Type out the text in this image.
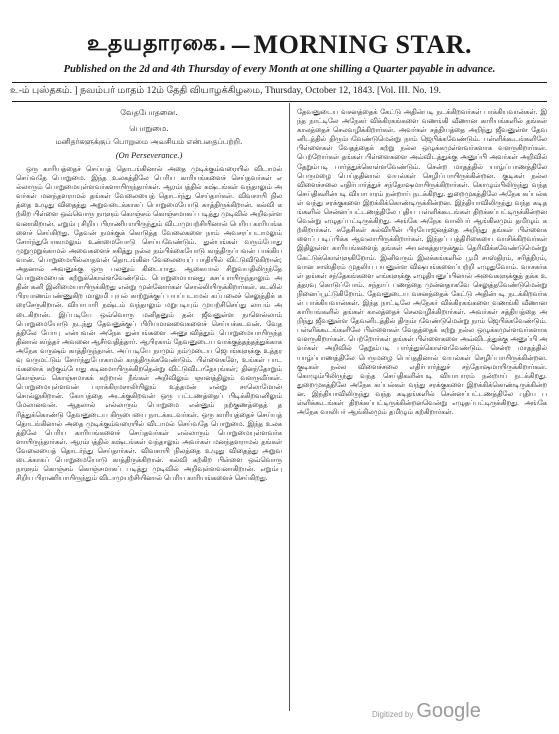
உதயதாரகை. — MORNING STAR.
Published on the 2d and 4th Thursday of every Month at one shilling a Quarter payable in advance.
உ-ம் புஸ்தகம். ] நவம்பர் மாதம் 12ம் தேதி வியாழக்கிழமை, Thursday, October 12, 1843. [Vol. III. No. 19.
வேதபோதனை.
பொறுமை.
மனிதர்களுக்குப் பொறுமை அவசியம் என்பதைப்பற்றி.
(On Perseverance.)

ஒரு காரியத்தைச் செய்யத் தொடங்கினால் அதை முடிக்கும்வரையில் விடாமல் செய்வதே பொறுமை. இந்த உலகத்திலே பெரிய காரியங்களைச் செய்தவர்கள் எல்லாரும் பொறுமையுள்ளவர்களாயிருந்தார்கள். ஆரம்பத்தில் கஷ்டங்கள் வந்தாலும் அவர்கள் மனந்தளராமல் தங்கள் வேலையைத் தொடர்ந்து செய்தார்கள். விவசாயி நிலத்தை உழுது விதைத்து அறுவடைக்காகப் பொறுமையோடு காத்திருக்கிறான். கல்வி கற்கிற பிள்ளை ஒவ்வொரு நாளும் கொஞ்சம் கொஞ்சமாகப் படித்து முடிவில் அறிவுள்ளவனாகிறான். எறும்பு சிறிய பிராணியாயிருந்தும் விடாமுயற்சியினால் பெரிய காரியங்களைச் செய்கிறது. தேவன் நமக்குக் கொடுத்த வேலைகளை நாம் அவசரப்படாமலும் சோர்ந்துபோகாமலும் உண்மையோடு செய்யவேண்டும். துன்பங்கள் வரும்போது முறுமுறுக்காமல் அவைகளைச் சகித்து நல்ல நம்பிக்கையோடு காத்திருப்பவன் பாக்கியவான். பொறுமையில்லாதவன் தொடங்கின வேலையைப் பாதியில் விட்டுவிடுகிறான்; அதனால் அவனுக்கு ஒரு பலனும் கிடையாது. ஆகையால் சிறுவயதிலிருந்தே பொறுமையைக் கற்றுக்கொள்ளவேண்டும். பொறுமையானது கசப்பாயிருந்தாலும் அதின் கனி இனிமையாயிருக்கிறது என்று முன்னோர்கள் சொல்லியிருக்கிறார்கள். கடலில் பிரயாணம்பண்ணுகிற மாலுமி புயல் காற்றுக்குப் பயப்படாமல் கப்பலைச் செலுத்திக் கரைசேருகிறான். வியாபாரி நஷ்டம் வந்தாலும் மறுபடியும் முயற்சிசெய்து லாபம் அடைகிறான். இப்படியே ஒவ்வொரு மனிதனும் தன் ஜீவனுள்ள நாளெல்லாம் பொறுமையோடு நடந்து தேவனுக்குப் பிரியமானவைகளைச் செய்யக்கடவன். வேதத்திலே யோபு என்பவன் அநேக துன்பங்களை அனுபவித்தும் பொறுமையாயிருந்ததினால் கர்த்தர் அவனை ஆசீர்வதித்தார். ஆபிரகாம் தேவனுடைய வாக்குத்தத்தத்துக்காக அநேக வருஷம் காத்திருந்தான். அப்படியே நாமும் நம்முடைய ஜெபங்களுக்கு உத்தரவு வருமட்டும் சோர்ந்துபோகாமல் காத்திருக்கவேண்டும். பிள்ளைகளே, உங்கள் பாடங்களைக் கற்கும்போது கடினமாயிருக்கிறதென்று விட்டுவிடாதேயுங்கள்; தினந்தோறும் கொஞ்சம் கொஞ்சமாகக் கற்றால் நீங்கள் அறிவிலும் ஞானத்திலும் வளருவீர்கள். பொறுமையுள்ளவன் பராக்கிரமசாலியிலும் உத்தமன் என்று சாலொமோன் சொல்லுகிறான். கோபத்தை அடக்குகிறவன் ஒரு பட்டணத்தைப் பிடிக்கிறவனிலும் மேலானவன். ஆதலால் எல்லாரும் பொறுமை என்னும் நற்குணத்தைத் தரித்துக்கொண்டு தேவனுடைய கிருபையை நாடக்கடவர்கள். ஒரு காரியத்தைச் செய்யத் தொடங்கினால் அதை முடிக்கும்வரையில் விடாமல் செய்வதே பொறுமை. இந்த உலகத்திலே பெரிய காரியங்களைச் செய்தவர்கள் எல்லாரும் பொறுமையுள்ளவர்களாயிருந்தார்கள். ஆரம்பத்தில் கஷ்டங்கள் வந்தாலும் அவர்கள் மனந்தளராமல் தங்கள் வேலையைத் தொடர்ந்து செய்தார்கள். விவசாயி நிலத்தை உழுது விதைத்து அறுவடைக்காகப் பொறுமையோடு காத்திருக்கிறான். கல்வி கற்கிற பிள்ளை ஒவ்வொரு நாளும் கொஞ்சம் கொஞ்சமாகப் படித்து முடிவில் அறிவுள்ளவனாகிறான். எறும்பு சிறிய பிராணியாயிருந்தும் விடாமுயற்சியினால் பெரிய காரியங்களைச் செய்கிறது.

தேவனுடைய வசனத்தைக் கேட்டு அதின்படி நடக்கிறவர்கள் பாக்கியவான்கள். இந்த நாட்டிலே அநேகர் விக்கிரகங்களை வணங்கி வீணான காரியங்களில் தங்கள் காலத்தைச் செலவழிக்கிறார்கள். அவர்கள் சத்தியத்தை அறிந்து ஜீவனுள்ள தேவனிடத்தில் திரும்பவேண்டுமென்று நாம் ஜெபிக்கவேண்டும். பள்ளிக்கூடங்களிலே பிள்ளைகள் வேதத்தைக் கற்று நல்ல ஒழுக்கமுள்ளவர்களாக வளருகிறார்கள். பெற்றோர்கள் தங்கள் பிள்ளைகளை அவ்விடத்துக்கு அனுப்பி அவர்கள் அறிவில் தேறும்படி பார்த்துக்கொள்ளவேண்டும். சென்ற மாதத்தில் யாழ்ப்பாணத்திலே பெருமழை பெய்ததினால் வயல்கள் செழிப்பாயிருக்கின்றன. குடிகள் நல்ல விளைச்சலை எதிர்பார்த்துச் சந்தோஷமாயிருக்கிறார்கள். கொழும்பிலிருந்து வந்த செய்திகளின்படி வியாபாரம் நன்றாய் நடக்கிறது. துறைமுகத்திலே அநேக கப்பல்கள் வந்து சரக்குகளை இறக்கிக்கொண்டிருக்கின்றன. இந்தியாவிலிருந்து வந்த கடிதங்களில் சென்னப்பட்டணத்திலே புதிய பள்ளிக்கூடங்கள் திறக்கப்பட்டிருக்கின்றனவென்று எழுதப்பட்டிருக்கிறது. அங்கே அநேக வாலிபர் ஆங்கிலமும் தமிழும் கற்கிறார்கள். சுதேசிகள் கல்வியின் பிரயோஜனத்தை அறிந்து தங்கள் பிள்ளைகளைப் படிப்பிக்க ஆவலாயிருக்கிறார்கள். இந்தப் பத்திரிகையை வாசிக்கிறவர்கள் இதிலுள்ள காரியங்களைத் தங்கள் அயலகத்தாருக்கும் தெரிவிக்கவேண்டுமென்று கேட்டுக்கொள்ளுகிறோம். இனிவரும் இலக்கங்களில் பூமி சாஸ்திரம், சரித்திரம், வான சாஸ்திரம் முதலிய பயனுள்ள விஷயங்களைப்பற்றி எழுதுவோம். வாசகர்கள் தங்கள் சந்தேகங்களை எங்களுக்கு எழுதியனுப்பினால் அவைகளுக்குத் தக்க உத்தரவு கொடுப்போம். சந்தாப் பணத்தை முன்னதாகவே செலுத்தவேண்டுமென்று நினைப்பூட்டுகிறோம். தேவனுடைய வசனத்தைக் கேட்டு அதின்படி நடக்கிறவர்கள் பாக்கியவான்கள். இந்த நாட்டிலே அநேகர் விக்கிரகங்களை வணங்கி வீணான காரியங்களில் தங்கள் காலத்தைச் செலவழிக்கிறார்கள். அவர்கள் சத்தியத்தை அறிந்து ஜீவனுள்ள தேவனிடத்தில் திரும்பவேண்டுமென்று நாம் ஜெபிக்கவேண்டும். பள்ளிக்கூடங்களிலே பிள்ளைகள் வேதத்தைக் கற்று நல்ல ஒழுக்கமுள்ளவர்களாக வளருகிறார்கள். பெற்றோர்கள் தங்கள் பிள்ளைகளை அவ்விடத்துக்கு அனுப்பி அவர்கள் அறிவில் தேறும்படி பார்த்துக்கொள்ளவேண்டும். சென்ற மாதத்தில் யாழ்ப்பாணத்திலே பெருமழை பெய்ததினால் வயல்கள் செழிப்பாயிருக்கின்றன. குடிகள் நல்ல விளைச்சலை எதிர்பார்த்துச் சந்தோஷமாயிருக்கிறார்கள். கொழும்பிலிருந்து வந்த செய்திகளின்படி வியாபாரம் நன்றாய் நடக்கிறது. துறைமுகத்திலே அநேக கப்பல்கள் வந்து சரக்குகளை இறக்கிக்கொண்டிருக்கின்றன. இந்தியாவிலிருந்து வந்த கடிதங்களில் சென்னப்பட்டணத்திலே புதிய பள்ளிக்கூடங்கள் திறக்கப்பட்டிருக்கின்றனவென்று எழுதப்பட்டிருக்கிறது. அங்கே அநேக வாலிபர் ஆங்கிலமும் தமிழும் கற்கிறார்கள்.

Digitized by Google
